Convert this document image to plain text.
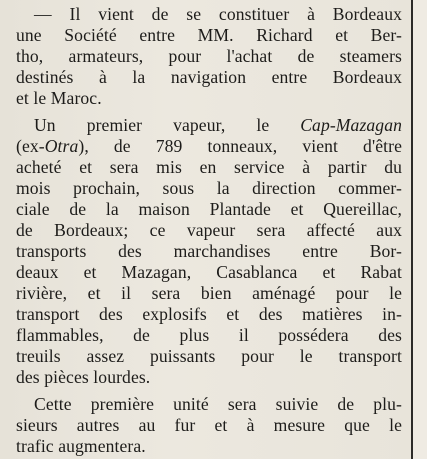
— Il vient de se constituer à Bordeaux
une Société entre MM. Richard et Ber-
tho, armateurs, pour l'achat de steamers
destinés à la navigation entre Bordeaux
et le Maroc.

Un premier vapeur, le Cap-Mazagan
(ex-Otra), de 789 tonneaux, vient d'être
acheté et sera mis en service à partir du
mois prochain, sous la direction commer-
ciale de la maison Plantade et Quereillac,
de Bordeaux; ce vapeur sera affecté aux
transports des marchandises entre Bor-
deaux et Mazagan, Casablanca et Rabat
rivière, et il sera bien aménagé pour le
transport des explosifs et des matières in-
flammables, de plus il possédera des
treuils assez puissants pour le transport
des pièces lourdes.

Cette première unité sera suivie de plu-
sieurs autres au fur et à mesure que le
trafic augmentera.
